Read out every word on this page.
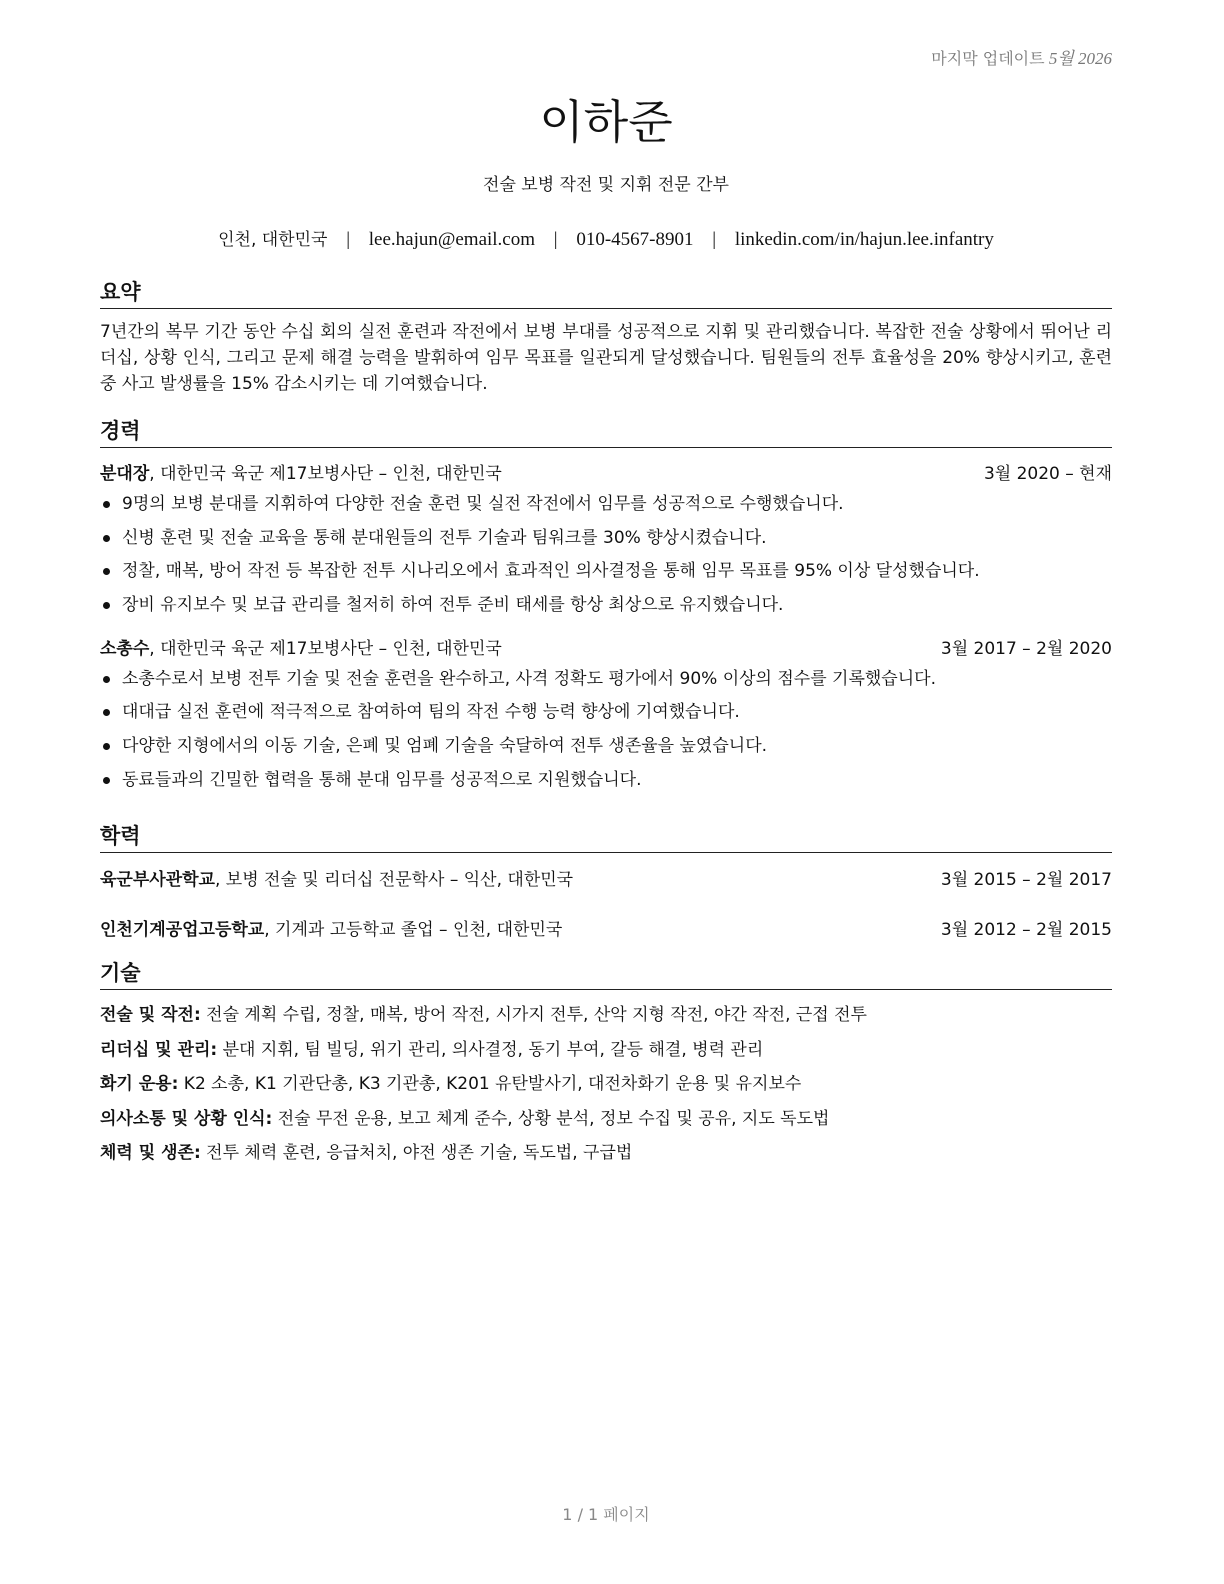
마지막 업데이트 5월 2026
이하준
전술 보병 작전 및 지휘 전문 간부
인천, 대한민국 | lee.hajun@email.com | 010-4567-8901 | linkedin.com/in/hajun.lee.infantry
요약
7년간의 복무 기간 동안 수십 회의 실전 훈련과 작전에서 보병 부대를 성공적으로 지휘 및 관리했습니다. 복잡한 전술 상황에서 뛰어난 리더십, 상황 인식, 그리고 문제 해결 능력을 발휘하여 임무 목표를 일관되게 달성했습니다. 팀원들의 전투 효율성을 20% 향상시키고, 훈련 중 사고 발생률을 15% 감소시키는 데 기여했습니다.
경력
분대장, 대한민국 육군 제17보병사단 – 인천, 대한민국	3월 2020 – 현재
9명의 보병 분대를 지휘하여 다양한 전술 훈련 및 실전 작전에서 임무를 성공적으로 수행했습니다.
신병 훈련 및 전술 교육을 통해 분대원들의 전투 기술과 팀워크를 30% 향상시켰습니다.
정찰, 매복, 방어 작전 등 복잡한 전투 시나리오에서 효과적인 의사결정을 통해 임무 목표를 95% 이상 달성했습니다.
장비 유지보수 및 보급 관리를 철저히 하여 전투 준비 태세를 항상 최상으로 유지했습니다.
소총수, 대한민국 육군 제17보병사단 – 인천, 대한민국	3월 2017 – 2월 2020
소총수로서 보병 전투 기술 및 전술 훈련을 완수하고, 사격 정확도 평가에서 90% 이상의 점수를 기록했습니다.
대대급 실전 훈련에 적극적으로 참여하여 팀의 작전 수행 능력 향상에 기여했습니다.
다양한 지형에서의 이동 기술, 은폐 및 엄폐 기술을 숙달하여 전투 생존율을 높였습니다.
동료들과의 긴밀한 협력을 통해 분대 임무를 성공적으로 지원했습니다.
학력
육군부사관학교, 보병 전술 및 리더십 전문학사 – 익산, 대한민국	3월 2015 – 2월 2017
인천기계공업고등학교, 기계과 고등학교 졸업 – 인천, 대한민국	3월 2012 – 2월 2015
기술
전술 및 작전: 전술 계획 수립, 정찰, 매복, 방어 작전, 시가지 전투, 산악 지형 작전, 야간 작전, 근접 전투
리더십 및 관리: 분대 지휘, 팀 빌딩, 위기 관리, 의사결정, 동기 부여, 갈등 해결, 병력 관리
화기 운용: K2 소총, K1 기관단총, K3 기관총, K201 유탄발사기, 대전차화기 운용 및 유지보수
의사소통 및 상황 인식: 전술 무전 운용, 보고 체계 준수, 상황 분석, 정보 수집 및 공유, 지도 독도법
체력 및 생존: 전투 체력 훈련, 응급처치, 야전 생존 기술, 독도법, 구급법
1 / 1 페이지
